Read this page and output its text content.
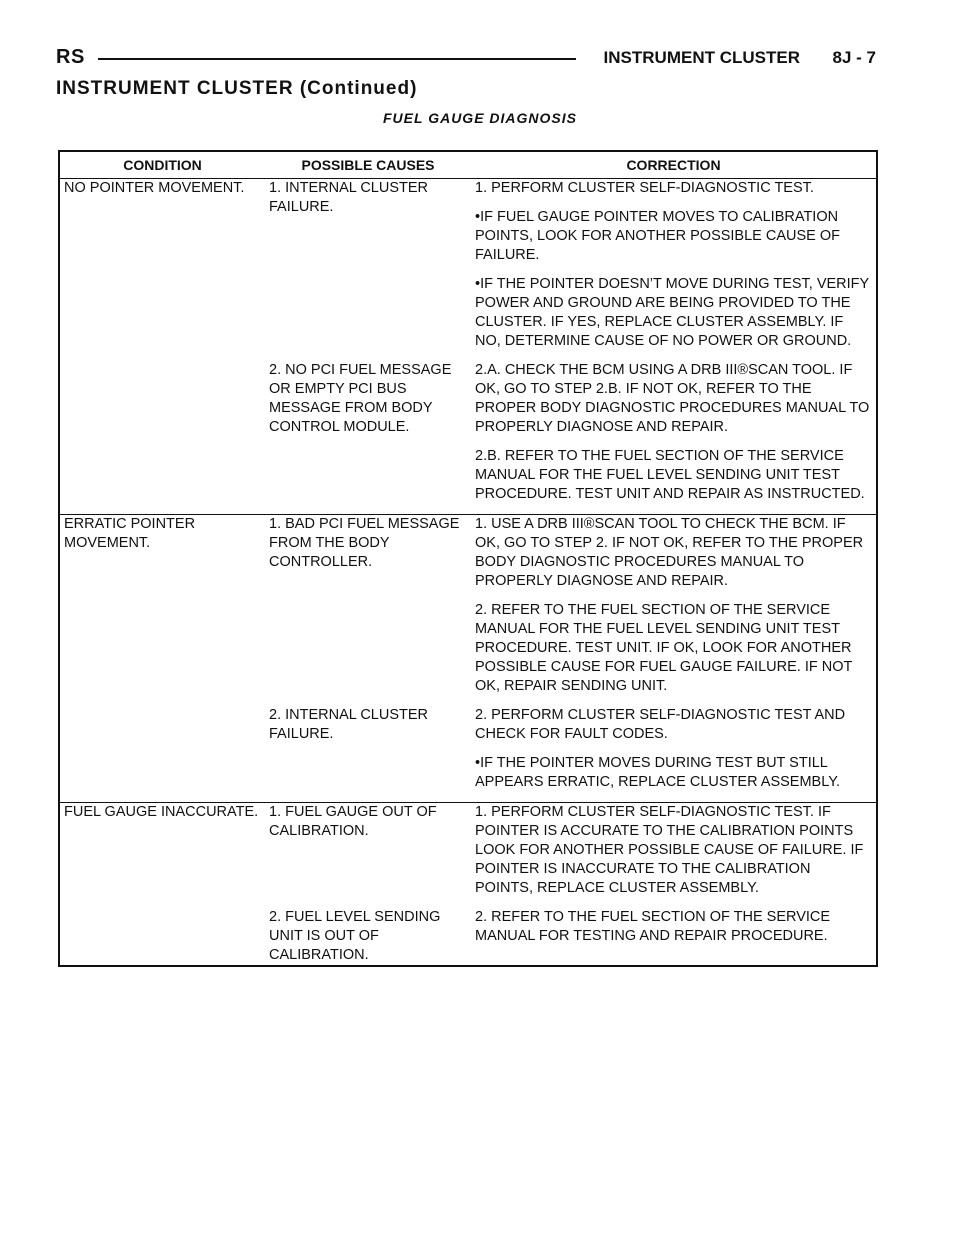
RS	INSTRUMENT CLUSTER 8J - 7
INSTRUMENT CLUSTER (Continued)
FUEL GAUGE DIAGNOSIS
CONDITION	POSSIBLE CAUSES	CORRECTION
NO POINTER MOVEMENT.	1. INTERNAL CLUSTER FAILURE.	1. PERFORM CLUSTER SELF-DIAGNOSTIC TEST.
•IF FUEL GAUGE POINTER MOVES TO CALIBRATION POINTS, LOOK FOR ANOTHER POSSIBLE CAUSE OF FAILURE.
•IF THE POINTER DOESN’T MOVE DURING TEST, VERIFY POWER AND GROUND ARE BEING PROVIDED TO THE CLUSTER. IF YES, REPLACE CLUSTER ASSEMBLY. IF NO, DETERMINE CAUSE OF NO POWER OR GROUND.

	2. NO PCI FUEL MESSAGE OR EMPTY PCI BUS MESSAGE FROM BODY CONTROL MODULE.	2.A. CHECK THE BCM USING A DRB III®SCAN TOOL. IF OK, GO TO STEP 2.B. IF NOT OK, REFER TO THE PROPER BODY DIAGNOSTIC PROCEDURES MANUAL TO PROPERLY DIAGNOSE AND REPAIR.
2.B. REFER TO THE FUEL SECTION OF THE SERVICE MANUAL FOR THE FUEL LEVEL SENDING UNIT TEST PROCEDURE. TEST UNIT AND REPAIR AS INSTRUCTED.

ERRATIC POINTER MOVEMENT.	1. BAD PCI FUEL MESSAGE FROM THE BODY CONTROLLER.	1. USE A DRB III®SCAN TOOL TO CHECK THE BCM. IF OK, GO TO STEP 2. IF NOT OK, REFER TO THE PROPER BODY DIAGNOSTIC PROCEDURES MANUAL TO PROPERLY DIAGNOSE AND REPAIR.
2. REFER TO THE FUEL SECTION OF THE SERVICE MANUAL FOR THE FUEL LEVEL SENDING UNIT TEST PROCEDURE. TEST UNIT. IF OK, LOOK FOR ANOTHER POSSIBLE CAUSE FOR FUEL GAUGE FAILURE. IF NOT OK, REPAIR SENDING UNIT.

	2. INTERNAL CLUSTER FAILURE.	2. PERFORM CLUSTER SELF-DIAGNOSTIC TEST AND CHECK FOR FAULT CODES.
•IF THE POINTER MOVES DURING TEST BUT STILL APPEARS ERRATIC, REPLACE CLUSTER ASSEMBLY.

FUEL GAUGE INACCURATE.	1. FUEL GAUGE OUT OF CALIBRATION.	1. PERFORM CLUSTER SELF-DIAGNOSTIC TEST. IF POINTER IS ACCURATE TO THE CALIBRATION POINTS LOOK FOR ANOTHER POSSIBLE CAUSE OF FAILURE. IF POINTER IS INACCURATE TO THE CALIBRATION POINTS, REPLACE CLUSTER ASSEMBLY.

	2. FUEL LEVEL SENDING UNIT IS OUT OF CALIBRATION.	2. REFER TO THE FUEL SECTION OF THE SERVICE MANUAL FOR TESTING AND REPAIR PROCEDURE.
